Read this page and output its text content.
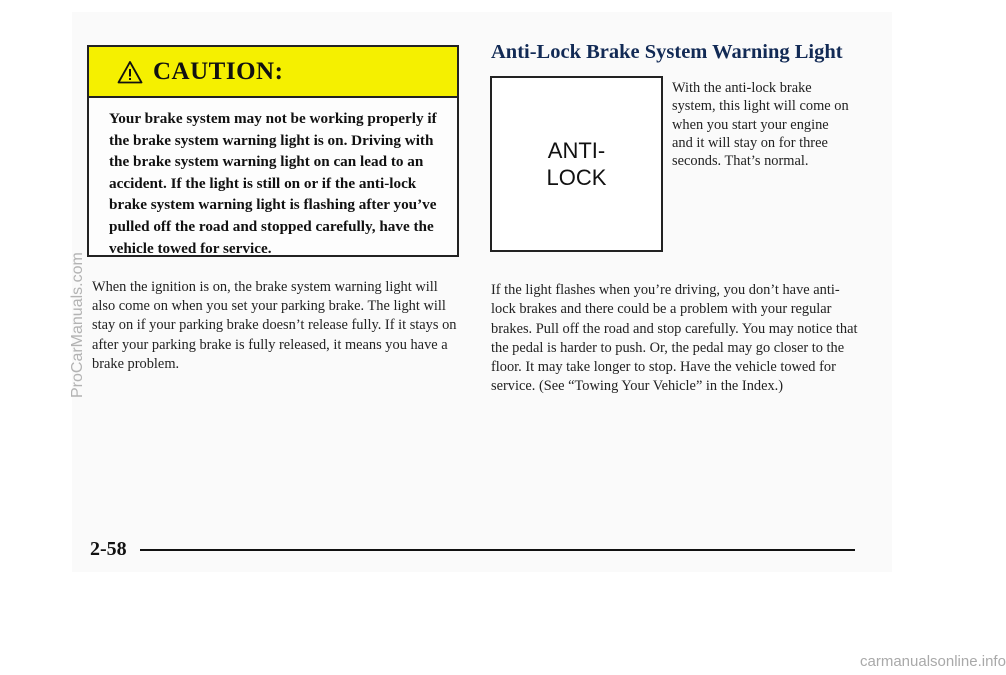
CAUTION:

Your brake system may not be working properly if the brake system warning light is on. Driving with the brake system warning light on can lead to an accident. If the light is still on or if the anti-lock brake system warning light is flashing after you’ve pulled off the road and stopped carefully, have the vehicle towed for service.

When the ignition is on, the brake system warning light will also come on when you set your parking brake. The light will stay on if your parking brake doesn’t release fully. If it stays on after your parking brake is fully released, it means you have a brake problem.

Anti-Lock Brake System Warning Light
ANTI-
LOCK

With the anti-lock brake system, this light will come on when you start your engine and it will stay on for three seconds. That’s normal.

If the light flashes when you’re driving, you don’t have anti-lock brakes and there could be a problem with your regular brakes. Pull off the road and stop carefully. You may notice that the pedal is harder to push. Or, the pedal may go closer to the floor. It may take longer to stop. Have the vehicle towed for service. (See “Towing Your Vehicle” in the Index.)

2-58
ProCarManuals.com
carmanualsonline.info
